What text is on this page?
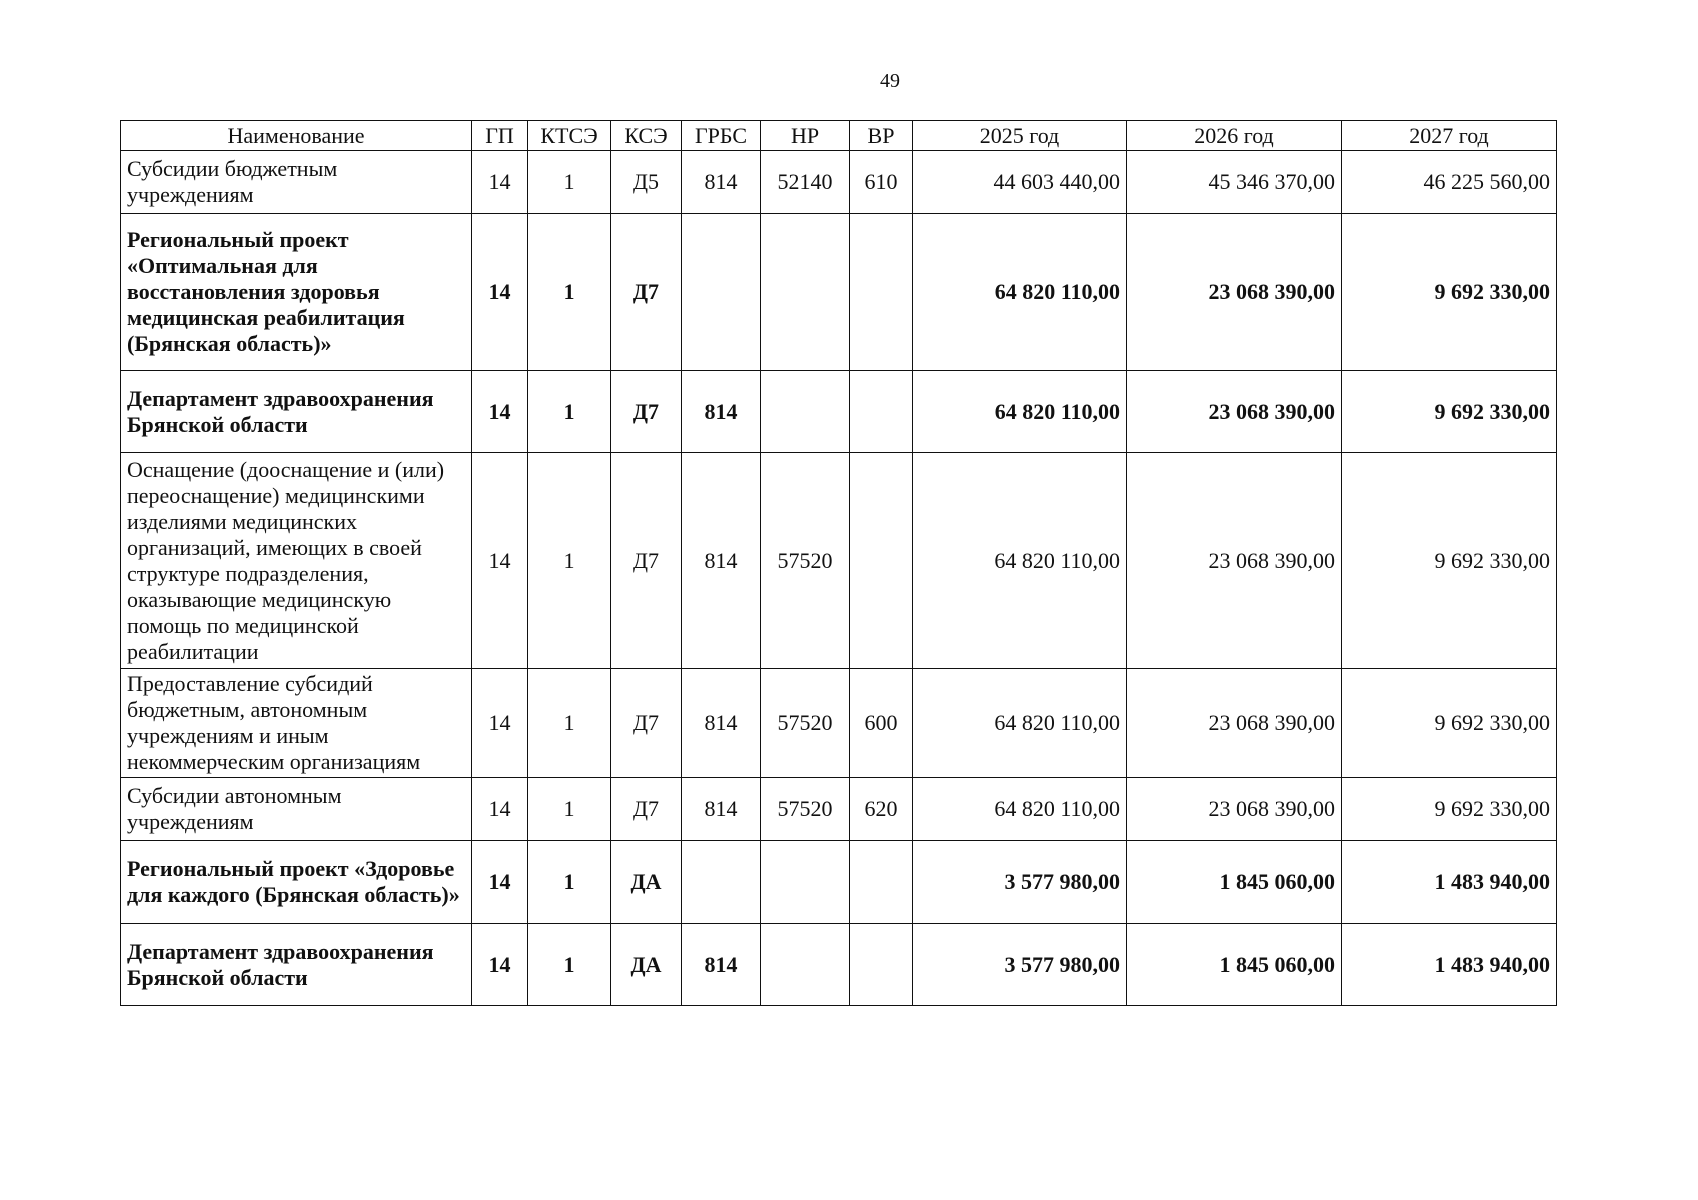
49
Наименование	ГП	КТСЭ	КСЭ	ГРБС	НР	ВР	2025 год	2026 год	2027 год
Субсидии бюджетным учреждениям	14	1	Д5	814	52140	610	44 603 440,00	45 346 370,00	46 225 560,00
Региональный проект «Оптимальная для восстановления здоровья медицинская реабилитация (Брянская область)»	14	1	Д7				64 820 110,00	23 068 390,00	9 692 330,00
Департамент здравоохранения Брянской области	14	1	Д7	814			64 820 110,00	23 068 390,00	9 692 330,00
Оснащение (дооснащение и (или) переоснащение) медицинскими изделиями медицинских организаций, имеющих в своей структуре подразделения, оказывающие медицинскую помощь по медицинской реабилитации	14	1	Д7	814	57520		64 820 110,00	23 068 390,00	9 692 330,00
Предоставление субсидий бюджетным, автономным учреждениям и иным некоммерческим организациям	14	1	Д7	814	57520	600	64 820 110,00	23 068 390,00	9 692 330,00
Субсидии автономным учреждениям	14	1	Д7	814	57520	620	64 820 110,00	23 068 390,00	9 692 330,00
Региональный проект «Здоровье для каждого (Брянская область)»	14	1	ДА				3 577 980,00	1 845 060,00	1 483 940,00
Департамент здравоохранения Брянской области	14	1	ДА	814			3 577 980,00	1 845 060,00	1 483 940,00
